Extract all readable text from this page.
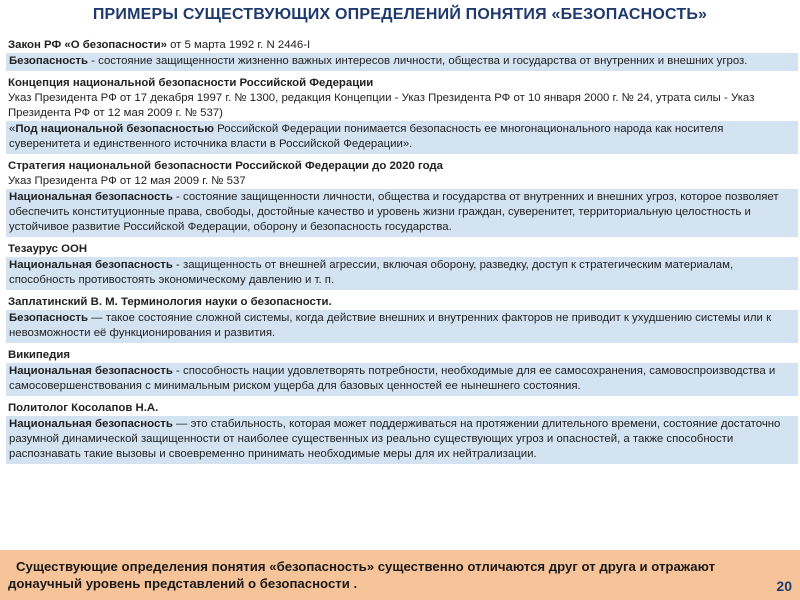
ПРИМЕРЫ СУЩЕСТВУЮЩИХ ОПРЕДЕЛЕНИЙ ПОНЯТИЯ «БЕЗОПАСНОСТЬ»
Закон РФ «О безопасности» от 5 марта 1992 г. N 2446-I
Безопасность - состояние защищенности жизненно важных интересов личности, общества и государства от внутренних и внешних угроз.
Концепция национальной безопасности Российской Федерации
Указ Президента РФ от 17 декабря 1997 г. № 1300, редакция Концепции - Указ Президента РФ от 10 января 2000 г. № 24, утрата силы - Указ Президента РФ от 12 мая 2009 г. № 537)
«Под национальной безопасностью Российской Федерации понимается безопасность ее многонационального народа как носителя суверенитета и единственного источника власти в Российской Федерации».
Стратегия национальной безопасности Российской Федерации до 2020 года
Указ Президента РФ от 12 мая 2009 г. № 537
Национальная безопасность - состояние защищенности личности, общества и государства от внутренних и внешних угроз, которое позволяет обеспечить конституционные права, свободы, достойные качество и уровень жизни граждан, суверенитет, территориальную целостность и устойчивое развитие Российской Федерации, оборону и безопасность государства.
Тезаурус ООН
Национальная безопасность - защищенность от внешней агрессии, включая оборону, разведку, доступ к стратегическим материалам, способность противостоять экономическому давлению и т. п.
Заплатинский В. М. Терминология науки о безопасности.
Безопасность — такое состояние сложной системы, когда действие внешних и внутренних факторов не приводит к ухудшению системы или к невозможности её функционирования и развития.
Википедия
Национальная безопасность - способность нации удовлетворять потребности, необходимые для ее самосохранения, самовоспроизводства и самосовершенствования с минимальным риском ущерба для базовых ценностей ее нынешнего состояния.
Политолог Косолапов Н.А.
Национальная безопасность — это стабильность, которая может поддерживаться на протяжении длительного времени, состояние достаточно разумной динамической защищенности от наиболее существенных из реально существующих угроз и опасностей, а также способности распознавать такие вызовы и своевременно принимать необходимые меры для их нейтрализации.
Существующие определения понятия «безопасность» существенно отличаются друг от друга и отражают донаучный уровень представлений о безопасности .	20
